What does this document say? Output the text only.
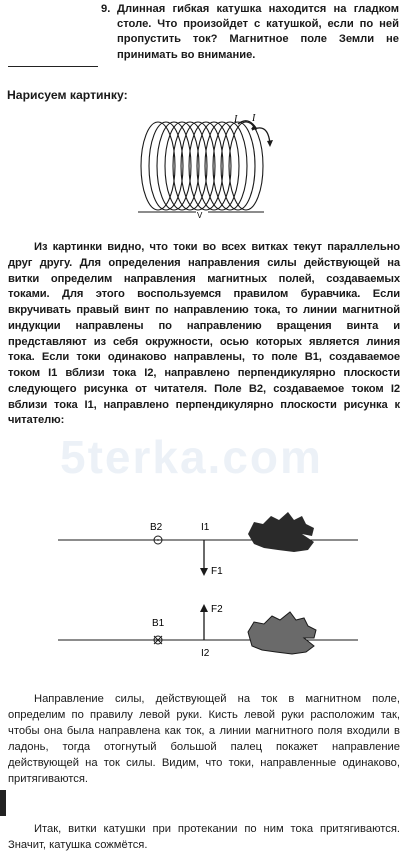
9. Длинная гибкая катушка находится на гладком столе. Что произойдет с катушкой, если по ней пропустить ток? Магнитное поле Земли не принимать во внимание.
Нарисуем картинку:
I I
V
5terka.com
Из картинки видно, что токи во всех витках текут параллельно друг другу. Для определения направления силы действующей на витки определим направления магнитных полей, создаваемых токами. Для этого воспользуемся правилом буравчика. Если вкручивать правый винт по направлению тока, то линии магнитной индукции направлены по направлению вращения винта и представляют из себя окружности, осью которых является линия тока. Если токи одинаково направлены, то поле B1, создаваемое током I1 вблизи тока I2, направлено перпендикулярно плоскости следующего рисунка от читателя. Поле B2, создаваемое током I2 вблизи тока I1, направлено перпендикулярно плоскости рисунка к читателю:
B2	I1
F1
B1
I2
F2
Направление силы, действующей на ток в магнитном поле, определим по правилу левой руки. Кисть левой руки расположим так, чтобы она была направлена как ток, а линии магнитного поля входили в ладонь, тогда отогнутый большой палец покажет направление действующей на ток силы. Видим, что токи, направленные одинаково, притягиваются.
Итак, витки катушки при протекании по ним тока притягиваются. Значит, катушка сожмётся.
